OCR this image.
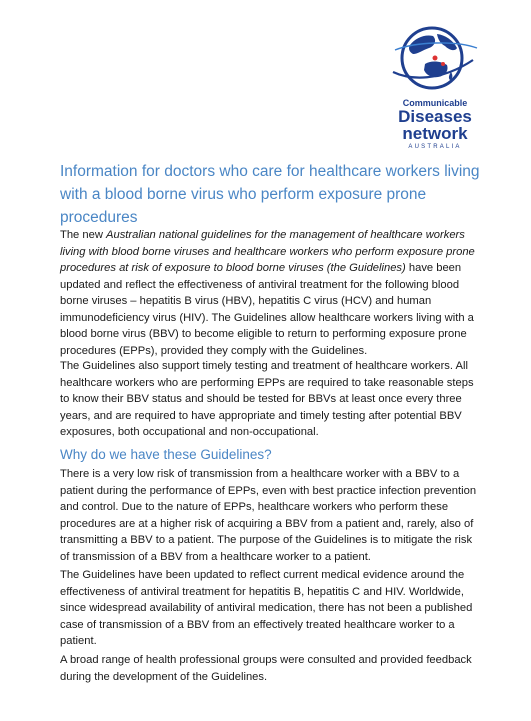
Communicable
Diseases
network
AUSTRALIA
Information for doctors who care for healthcare workers living with a blood borne virus who perform exposure prone procedures

The new Australian national guidelines for the management of healthcare workers living with blood borne viruses and healthcare workers who perform exposure prone procedures at risk of exposure to blood borne viruses (the Guidelines) have been updated and reflect the effectiveness of antiviral treatment for the following blood borne viruses – hepatitis B virus (HBV), hepatitis C virus (HCV) and human immunodeficiency virus (HIV). The Guidelines allow healthcare workers living with a blood borne virus (BBV) to become eligible to return to performing exposure prone procedures (EPPs), provided they comply with the Guidelines.

The Guidelines also support timely testing and treatment of healthcare workers. All healthcare workers who are performing EPPs are required to take reasonable steps to know their BBV status and should be tested for BBVs at least once every three years, and are required to have appropriate and timely testing after potential BBV exposures, both occupational and non-occupational.

Why do we have these Guidelines?

There is a very low risk of transmission from a healthcare worker with a BBV to a patient during the performance of EPPs, even with best practice infection prevention and control. Due to the nature of EPPs, healthcare workers who perform these procedures are at a higher risk of acquiring a BBV from a patient and, rarely, also of transmitting a BBV to a patient. The purpose of the Guidelines is to mitigate the risk of transmission of a BBV from a healthcare worker to a patient.

The Guidelines have been updated to reflect current medical evidence around the effectiveness of antiviral treatment for hepatitis B, hepatitis C and HIV. Worldwide, since widespread availability of antiviral medication, there has not been a published case of transmission of a BBV from an effectively treated healthcare worker to a patient.

A broad range of health professional groups were consulted and provided feedback during the development of the Guidelines.
